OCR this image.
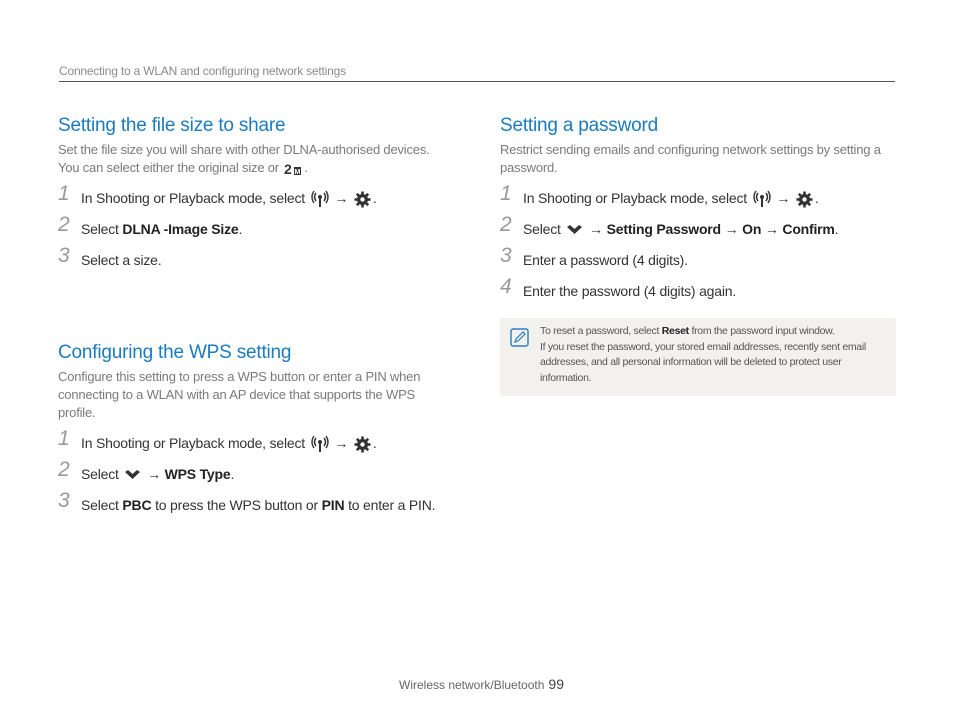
Connecting to a WLAN and configuring network settings
Setting the file size to share

Set the file size you will share with other DLNA-authorised devices. You can select either the original size or 2 M .

1 In Shooting or Playback mode, select → .
2 Select DLNA -Image Size.
3 Select a size.
Configuring the WPS setting

Configure this setting to press a WPS button or enter a PIN when connecting to a WLAN with an AP device that supports the WPS profile.

1 In Shooting or Playback mode, select → .
2 Select → WPS Type.
3 Select PBC to press the WPS button or PIN to enter a PIN.
Setting a password

Restrict sending emails and configuring network settings by setting a password.

1 In Shooting or Playback mode, select → .
2 Select → Setting Password → On → Confirm.
3 Enter a password (4 digits).
4 Enter the password (4 digits) again.

To reset a password, select Reset from the password input window.

If you reset the password, your stored email addresses, recently sent email addresses, and all personal information will be deleted to protect user information.

Wireless network/Bluetooth 99
